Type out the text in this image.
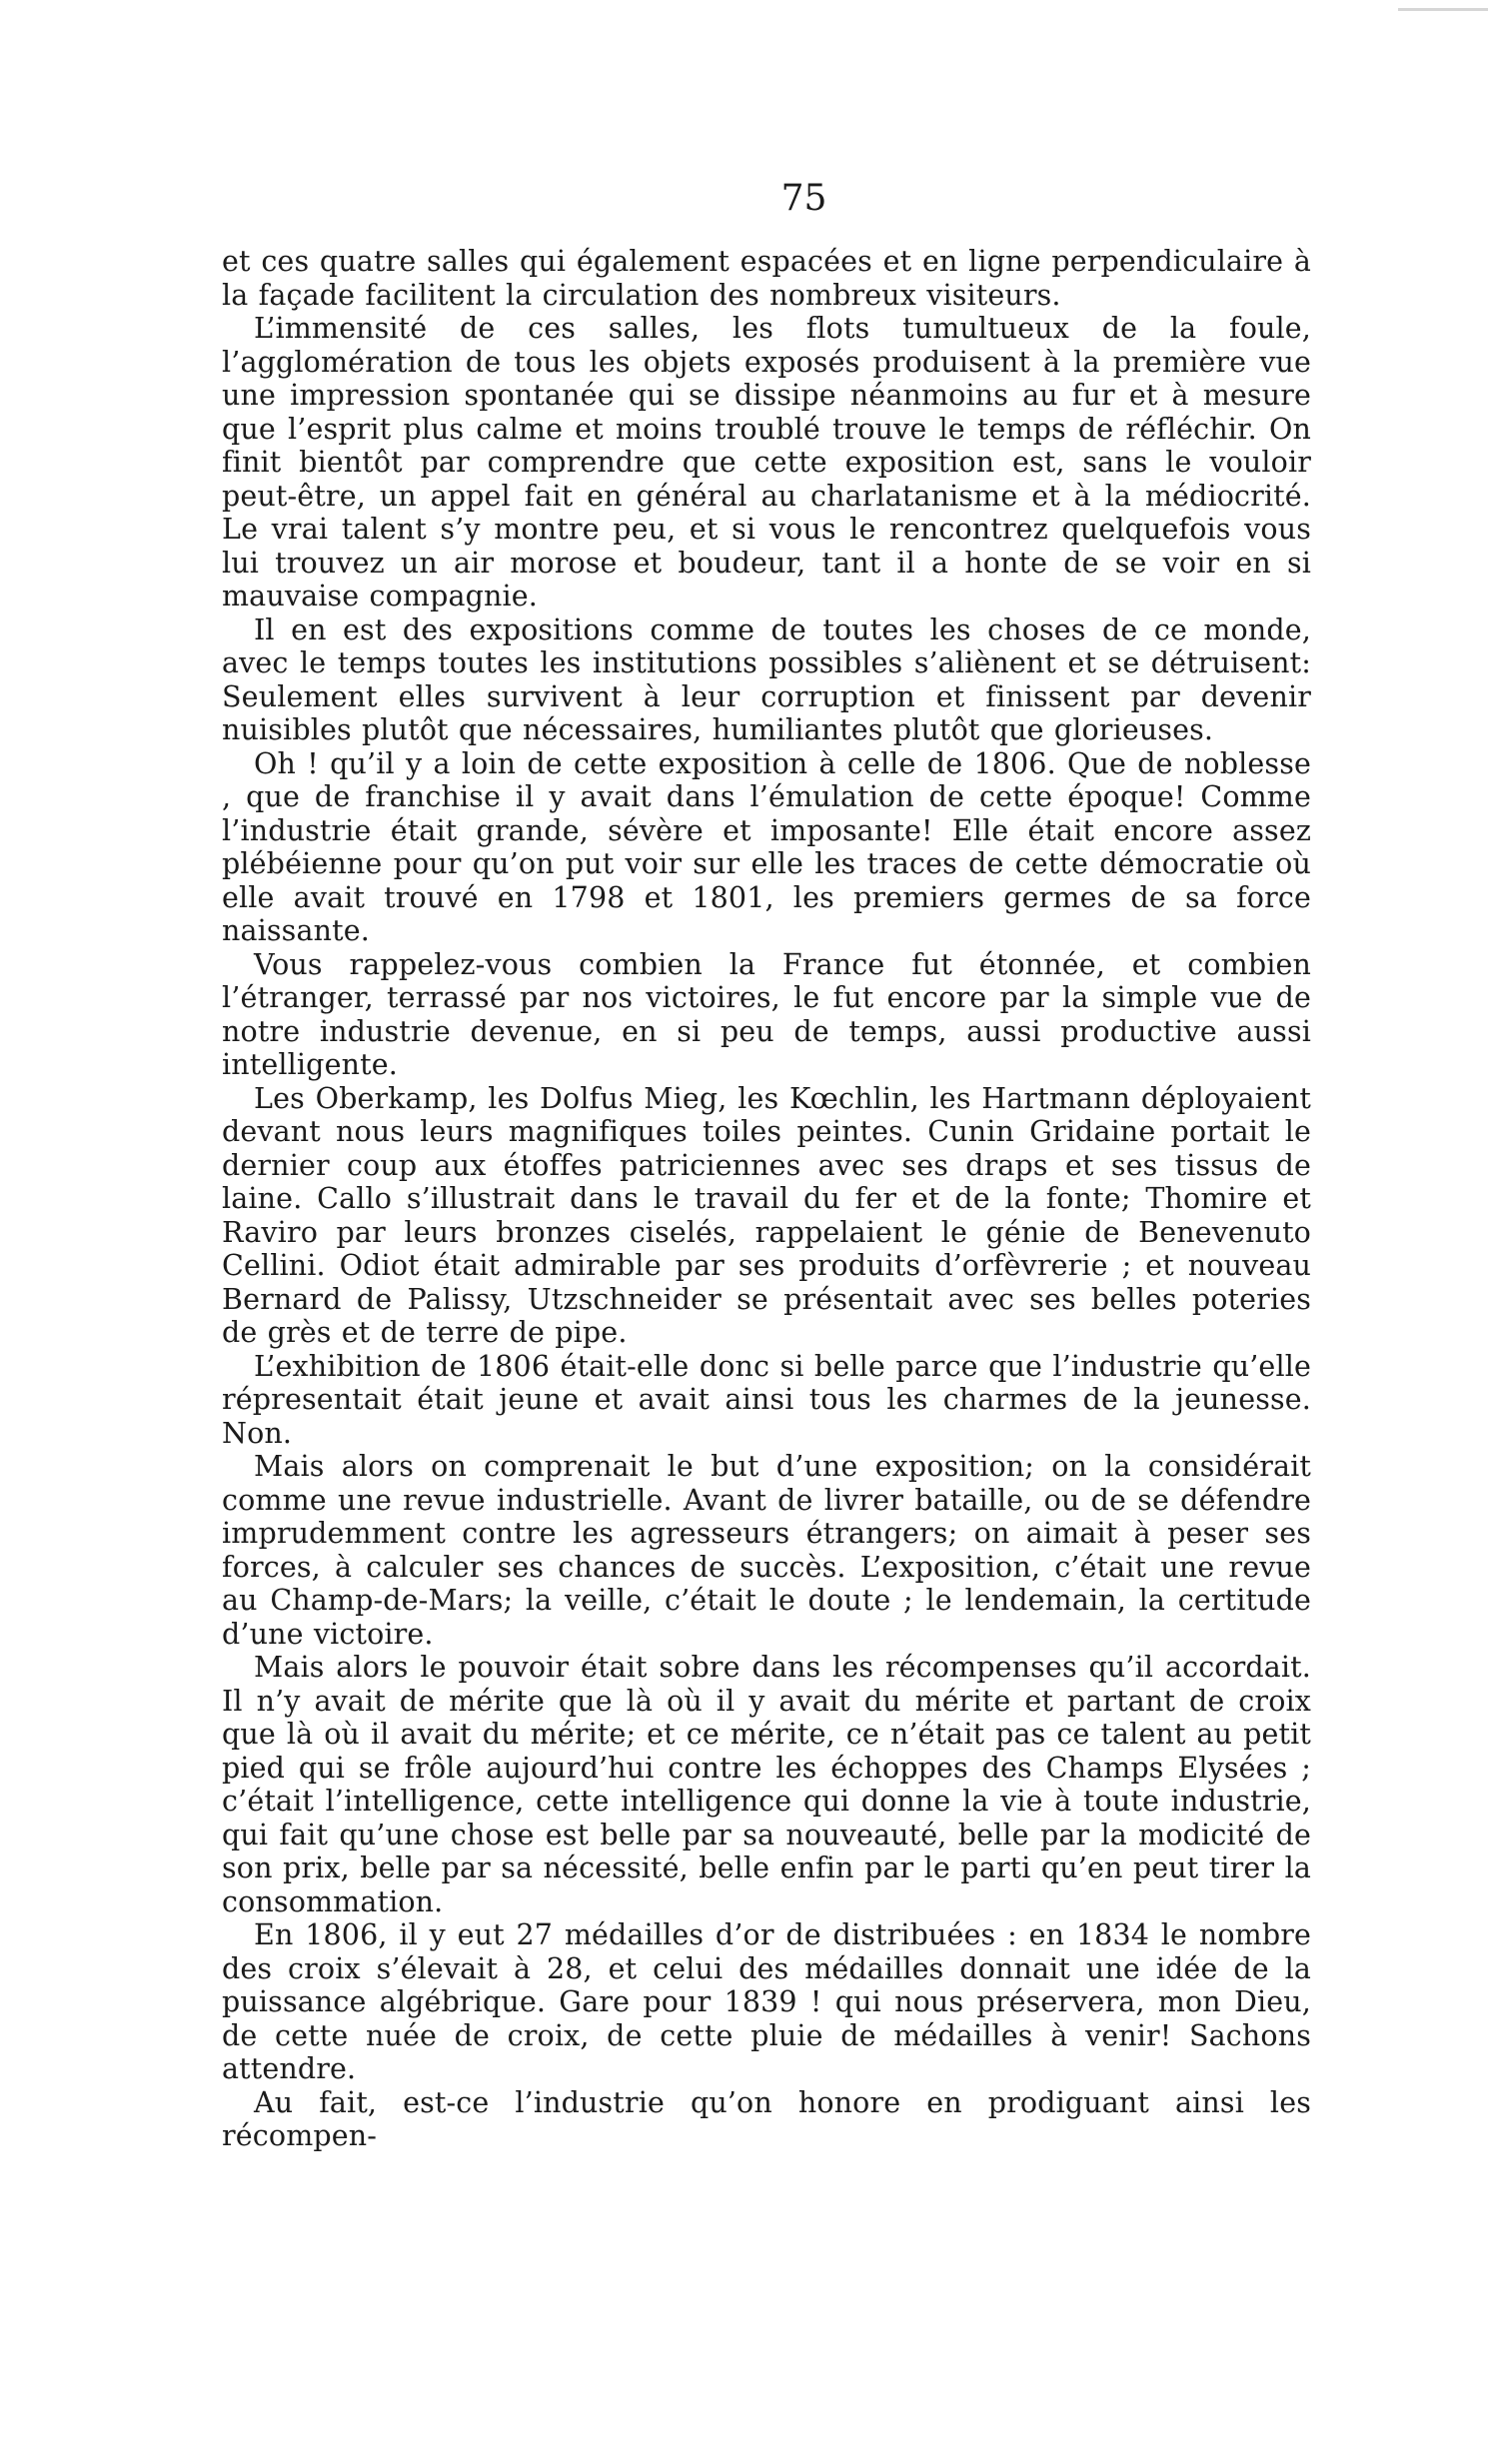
75

et ces quatre salles qui également espacées et en ligne perpendiculaire à la façade facilitent la circulation des nombreux visiteurs.

L’immensité de ces salles, les flots tumultueux de la foule, l’agglomération de tous les objets exposés produisent à la première vue une impression spontanée qui se dissipe néanmoins au fur et à mesure que l’esprit plus calme et moins troublé trouve le temps de réfléchir. On finit bientôt par comprendre que cette exposition est, sans le vouloir peut-être, un appel fait en général au charlatanisme et à la médiocrité. Le vrai talent s’y montre peu, et si vous le rencontrez quelquefois vous lui trouvez un air morose et boudeur, tant il a honte de se voir en si mauvaise compagnie.

Il en est des expositions comme de toutes les choses de ce monde, avec le temps toutes les institutions possibles s’aliènent et se détruisent: Seulement elles survivent à leur corruption et finissent par devenir nuisibles plutôt que nécessaires, humiliantes plutôt que glorieuses.

Oh ! qu’il y a loin de cette exposition à celle de 1806. Que de noblesse , que de franchise il y avait dans l’émulation de cette époque! Comme l’industrie était grande, sévère et imposante! Elle était encore assez plébéienne pour qu’on put voir sur elle les traces de cette démocratie où elle avait trouvé en 1798 et 1801, les premiers germes de sa force naissante.

Vous rappelez-vous combien la France fut étonnée, et combien l’étranger, terrassé par nos victoires, le fut encore par la simple vue de notre industrie devenue, en si peu de temps, aussi productive aussi intelligente.

Les Oberkamp, les Dolfus Mieg, les Kœchlin, les Hartmann déployaient devant nous leurs magnifiques toiles peintes. Cunin Gridaine portait le dernier coup aux étoffes patriciennes avec ses draps et ses tissus de laine. Callo s’illustrait dans le travail du fer et de la fonte; Thomire et Raviro par leurs bronzes ciselés, rappelaient le génie de Benevenuto Cellini. Odiot était admirable par ses produits d’orfèvrerie ; et nouveau Bernard de Palissy, Utzschneider se présentait avec ses belles poteries de grès et de terre de pipe.

L’exhibition de 1806 était-elle donc si belle parce que l’industrie qu’elle répresentait était jeune et avait ainsi tous les charmes de la jeunesse. Non.

Mais alors on comprenait le but d’une exposition; on la considérait comme une revue industrielle. Avant de livrer bataille, ou de se défendre imprudemment contre les agresseurs étrangers; on aimait à peser ses forces, à calculer ses chances de succès. L’exposition, c’était une revue au Champ-de-Mars; la veille, c’était le doute ; le lendemain, la certitude d’une victoire.

Mais alors le pouvoir était sobre dans les récompenses qu’il accordait. Il n’y avait de mérite que là où il y avait du mérite et partant de croix que là où il avait du mérite; et ce mérite, ce n’était pas ce talent au petit pied qui se frôle aujourd’hui contre les échoppes des Champs Elysées ; c’était l’intelligence, cette intelligence qui donne la vie à toute industrie, qui fait qu’une chose est belle par sa nouveauté, belle par la modicité de son prix, belle par sa nécessité, belle enfin par le parti qu’en peut tirer la consommation.

En 1806, il y eut 27 médailles d’or de distribuées : en 1834 le nombre des croix s’élevait à 28, et celui des médailles donnait une idée de la puissance algébrique. Gare pour 1839 ! qui nous préservera, mon Dieu, de cette nuée de croix, de cette pluie de médailles à venir! Sachons attendre.

Au fait, est-ce l’industrie qu’on honore en prodiguant ainsi les récompen-
